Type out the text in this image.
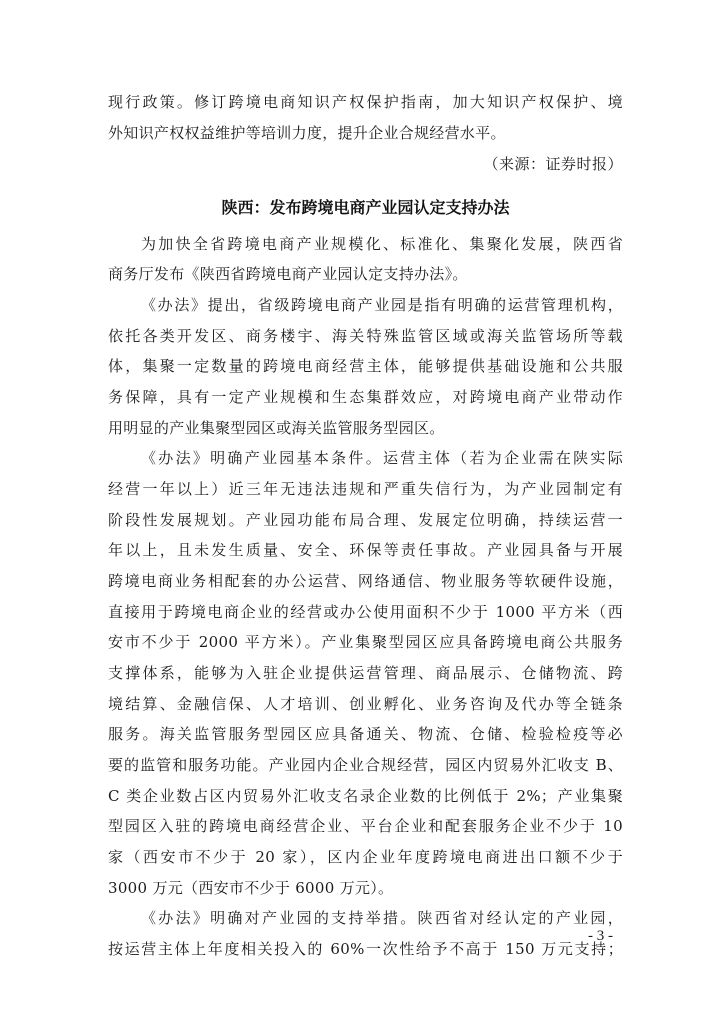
现行政策。修订跨境电商知识产权保护指南，加大知识产权保护、境
外知识产权权益维护等培训力度，提升企业合规经营水平。
（来源：证券时报）
陕西：发布跨境电商产业园认定支持办法
为加快全省跨境电商产业规模化、标准化、集聚化发展，陕西省
商务厅发布《陕西省跨境电商产业园认定支持办法》。
《办法》提出，省级跨境电商产业园是指有明确的运营管理机构，
依托各类开发区、商务楼宇、海关特殊监管区域或海关监管场所等载
体，集聚一定数量的跨境电商经营主体，能够提供基础设施和公共服
务保障，具有一定产业规模和生态集群效应，对跨境电商产业带动作
用明显的产业集聚型园区或海关监管服务型园区。
《办法》明确产业园基本条件。运营主体（若为企业需在陕实际
经营一年以上）近三年无违法违规和严重失信行为，为产业园制定有
阶段性发展规划。产业园功能布局合理、发展定位明确，持续运营一
年以上，且未发生质量、安全、环保等责任事故。产业园具备与开展
跨境电商业务相配套的办公运营、网络通信、物业服务等软硬件设施，
直接用于跨境电商企业的经营或办公使用面积不少于 1000 平方米（西
安市不少于 2000 平方米）。产业集聚型园区应具备跨境电商公共服务
支撑体系，能够为入驻企业提供运营管理、商品展示、仓储物流、跨
境结算、金融信保、人才培训、创业孵化、业务咨询及代办等全链条
服务。海关监管服务型园区应具备通关、物流、仓储、检验检疫等必
要的监管和服务功能。产业园内企业合规经营，园区内贸易外汇收支 B、
C 类企业数占区内贸易外汇收支名录企业数的比例低于 2%；产业集聚
型园区入驻的跨境电商经营企业、平台企业和配套服务企业不少于 10
家（西安市不少于 20 家），区内企业年度跨境电商进出口额不少于
3000 万元（西安市不少于 6000 万元）。
《办法》明确对产业园的支持举措。陕西省对经认定的产业园，
按运营主体上年度相关投入的 60%一次性给予不高于 150 万元支持；
- 3 -
